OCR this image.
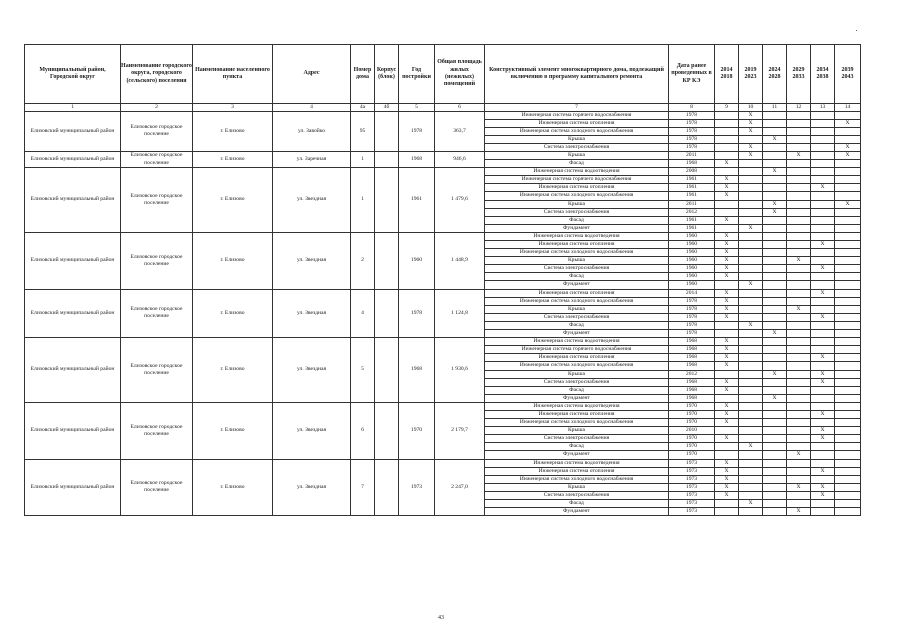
Муниципальный район, Городской округ	Наименование городского округа, городского (сельского) поселения	Наименование населенного пункта	Адрес	Номер дома	Корпус (блок)	Год постройки	Общая площадь жилых (нежилых) помещений	Конструктивный элемент многоквартирного дома, подлежащий включению в программу капитального ремонта	Дата ранее проведенных в КР КЭ	2014 2018	2019 2023	2024 2028	2029 2033	2034 2038	2039 2043
1	2	3	4	4а	4б	5	6	7	8	9	10	11	12	13	14
Елизовский муниципальный район	Елизовское городское поселение	г. Елизово	ул. Завойко	95		1978	363,7	Инженерная система горячего водоснабжения	1978		X				
								Инженерная система отопления	1978		X				X
								Инженерная система холодного водоснабжения	1978		X				
								Крыша	1978			X			
								Система электроснабжения	1978		X				X
Елизовский муниципальный район	Елизовское городское поселение	г. Елизово	ул. Заречная	1		1968	946,6	Крыша	2011		X		X		X
								Фасад	1968	X					
Елизовский муниципальный район	Елизовское городское поселение	г. Елизово	ул. Звездная	1		1961	1 479,6	Инженерная система водоотведения	2008			X			
								Инженерная система горячего водоснабжения	1961	X					
								Инженерная система отопления	1961	X				X	
								Инженерная система холодного водоснабжения	1961	X					
								Крыша	2011			X			X
								Система электроснабжения	2012			X			
								Фасад	1961	X					
								Фундамент	1961		X				
Елизовский муниципальный район	Елизовское городское поселение	г. Елизово	ул. Звездная	2		1960	1 448,9	Инженерная система водоотведения	1960	X					
								Инженерная система отопления	1960	X				X	
								Инженерная система холодного водоснабжения	1960	X					
								Крыша	1960	X			X		
								Система электроснабжения	1960	X				X	
								Фасад	1960	X					
								Фундамент	1960		X				
Елизовский муниципальный район	Елизовское городское поселение	г. Елизово	ул. Звездная	4		1978	1 124,8	Инженерная система отопления	2014	X				X	
								Инженерная система холодного водоснабжения	1978	X					
								Крыша	1978	X			X		
								Система электроснабжения	1978	X				X	
								Фасад	1978		X				
								Фундамент	1978			X			
Елизовский муниципальный район	Елизовское городское поселение	г. Елизово	ул. Звездная	5		1968	1 930,6	Инженерная система водоотведения	1968	X					
								Инженерная система горячего водоснабжения	1968	X					
								Инженерная система отопления	1968	X				X	
								Инженерная система холодного водоснабжения	1968	X					
								Крыша	2012			X		X	
								Система электроснабжения	1968	X				X	
								Фасад	1968	X					
								Фундамент	1968			X			
Елизовский муниципальный район	Елизовское городское поселение	г. Елизово	ул. Звездная	6		1970	2 179,7	Инженерная система водоотведения	1970	X					
								Инженерная система отопления	1970	X				X	
								Инженерная система холодного водоснабжения	1970	X					
								Крыша	2010					X	
								Система электроснабжения	1970	X				X	
								Фасад	1970		X				
								Фундамент	1970				X		
Елизовский муниципальный район	Елизовское городское поселение	г. Елизово	ул. Звездная	7		1973	2 247,0	Инженерная система водоотведения	1973	X					
								Инженерная система отопления	1973	X				X	
								Инженерная система холодного водоснабжения	1973	X					
								Крыша	1973	X			X	X	
								Система электроснабжения	1973	X				X	
								Фасад	1973		X				
								Фундамент	1973				X		
43
